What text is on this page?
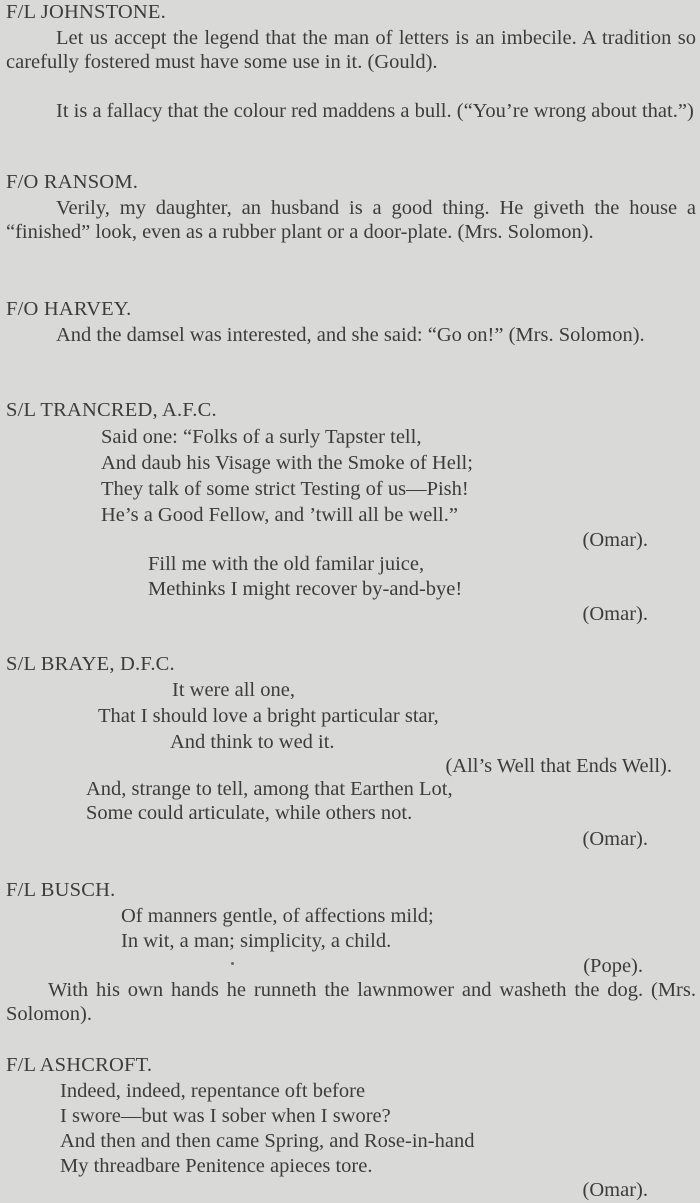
F/L JOHNSTONE.
Let us accept the legend that the man of letters is an imbecile. A tradition so carefully fostered must have some use in it. (Gould).
It is a fallacy that the colour red maddens a bull. (“You’re wrong about that.”)
F/O RANSOM.
Verily, my daughter, an husband is a good thing. He giveth the house a “finished” look, even as a rubber plant or a door-plate. (Mrs. Solomon).
F/O HARVEY.
And the damsel was interested, and she said: “Go on!” (Mrs. Solomon).
S/L TRANCRED, A.F.C.
Said one: “Folks of a surly Tapster tell,
And daub his Visage with the Smoke of Hell;
They talk of some strict Testing of us—Pish!
He’s a Good Fellow, and ’twill all be well.”
(Omar).
Fill me with the old familar juice,
Methinks I might recover by-and-bye!
(Omar).
S/L BRAYE, D.F.C.
It were all one,
That I should love a bright particular star,
And think to wed it.
(All’s Well that Ends Well).
And, strange to tell, among that Earthen Lot,
Some could articulate, while others not.
(Omar).
F/L BUSCH.
Of manners gentle, of affections mild;
In wit, a man; simplicity, a child.
(Pope).
With his own hands he runneth the lawnmower and washeth the dog. (Mrs. Solomon).
F/L ASHCROFT.
Indeed, indeed, repentance oft before
I swore—but was I sober when I swore?
And then and then came Spring, and Rose-in-hand
My threadbare Penitence apieces tore.
(Omar).
